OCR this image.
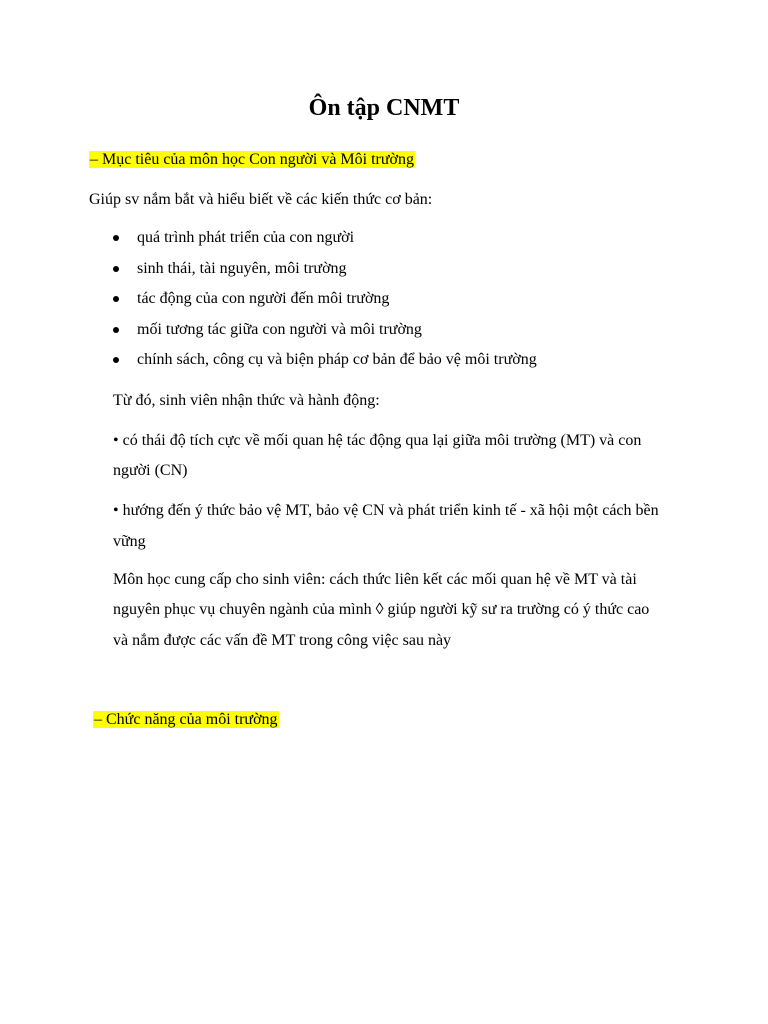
Ôn tập CNMT
– Mục tiêu của môn học Con người và Môi trường
Giúp sv nắm bắt và hiểu biết về các kiến thức cơ bản:
quá trình phát triển của con người
sinh thái, tài nguyên, môi trường
tác động của con người đến môi trường
mối tương tác giữa con người và môi trường
chính sách, công cụ và biện pháp cơ bản để bảo vệ môi trường
Từ đó, sinh viên nhận thức và hành động:
• có thái độ tích cực về mối quan hệ tác động qua lại giữa môi trường (MT) và con
người (CN)
• hướng đến ý thức bảo vệ MT, bảo vệ CN và phát triển kinh tế - xã hội một cách bền
vững
Môn học cung cấp cho sinh viên: cách thức liên kết các mối quan hệ về MT và tài
nguyên phục vụ chuyên ngành của mình ◊ giúp người kỹ sư ra trường có ý thức cao
và nắm được các vấn đề MT trong công việc sau này
– Chức năng của môi trường
